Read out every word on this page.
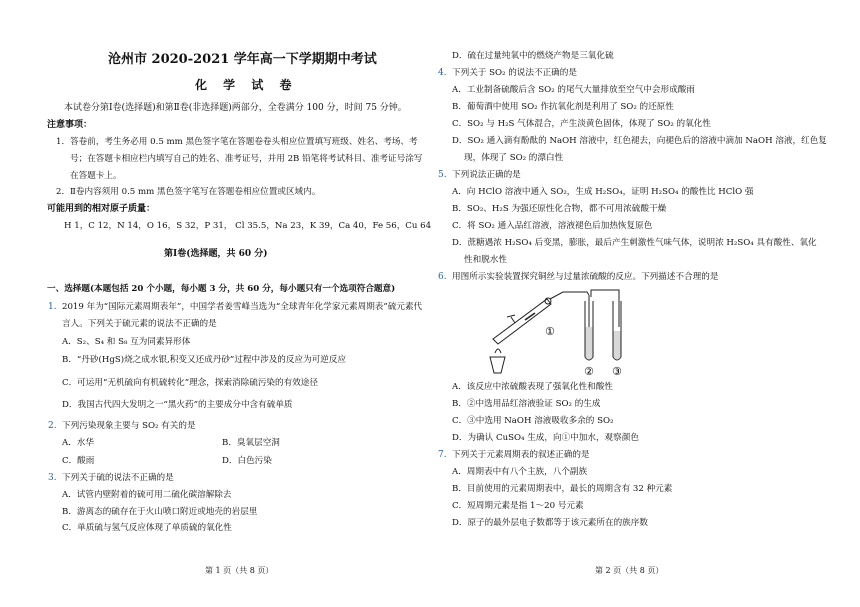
沧州市 2020-2021 学年高一下学期期中考试
化 学 试 卷
本试卷分第Ⅰ卷(选择题)和第Ⅱ卷(非选择题)两部分，全卷满分 100 分，时间 75 分钟。
注意事项：
1．答卷前，考生务必用 0.5 mm 黑色签字笔在答题卷卷头相应位置填写班级、姓名、考场、考
号；在答题卡相应栏内填写自己的姓名、准考证号，并用 2B 铅笔将考试科目、准考证号涂写
在答题卡上。
2．Ⅱ卷内容须用 0.5 mm 黑色签字笔写在答题卷相应位置或区域内。
可能用到的相对原子质量：
H 1，C 12，N 14，O 16，S 32，P 31， Cl 35.5，Na 23，K 39，Ca 40，Fe 56，Cu 64
第Ⅰ卷(选择题，共 60 分)
一、选择题(本题包括 20 个小题，每小题 3 分，共 60 分，每小题只有一个选项符合题意)
1. 2019 年为“国际元素周期表年”，中国学者姜雪峰当选为“全球青年化学家元素周期表”硫元素代
言人。下列关于硫元素的说法不正确的是
A．S₂、S₄ 和 S₈ 互为同素异形体
B．“丹砂(HgS)烧之成水银,积变又还成丹砂”过程中涉及的反应为可逆反应
C．可运用“无机硫向有机硫转化”理念，探索消除硫污染的有效途径
D．我国古代四大发明之一“黑火药”的主要成分中含有硫单质
2. 下列污染现象主要与 SO₂ 有关的是
A．水华	B．臭氧层空洞
C．酸雨	D．白色污染
3. 下列关于硫的说法不正确的是
A．试管内壁附着的硫可用二硫化碳溶解除去
B．游离态的硫存在于火山喷口附近或地壳的岩层里
C．单质硫与氢气反应体现了单质硫的氧化性
第 1 页（共 8 页）
D．硫在过量纯氧中的燃烧产物是三氧化硫
4. 下列关于 SO₂ 的说法不正确的是
A．工业制备硫酸后含 SO₂ 的尾气大量排放至空气中会形成酸雨
B．葡萄酒中使用 SO₂ 作抗氧化剂是利用了 SO₂ 的还原性
C．SO₂ 与 H₂S 气体混合，产生淡黄色固体，体现了 SO₂ 的氧化性
D．SO₂ 通入滴有酚酞的 NaOH 溶液中，红色褪去，向褪色后的溶液中滴加 NaOH 溶液，红色复
现，体现了 SO₂ 的漂白性
5. 下列说法正确的是
A．向 HClO 溶液中通入 SO₂，生成 H₂SO₄，证明 H₂SO₄ 的酸性比 HClO 强
B．SO₂、H₂S 为强还原性化合物，都不可用浓硫酸干燥
C．将 SO₂ 通入品红溶液，溶液褪色后加热恢复原色
D．蔗糖遇浓 H₂SO₄ 后变黑，膨胀，最后产生刺激性气味气体，说明浓 H₂SO₄ 具有酸性、氧化
性和脱水性
6. 用图所示实验装置探究铜丝与过量浓硫酸的反应。下列描述不合理的是
①
② ③
A．该反应中浓硫酸表现了强氧化性和酸性
B．②中选用品红溶液验证 SO₂ 的生成
C．③中选用 NaOH 溶液吸收多余的 SO₂
D．为确认 CuSO₄ 生成，向①中加水，观察颜色
7. 下列关于元素周期表的叙述正确的是
A．周期表中有八个主族，八个副族
B．目前使用的元素周期表中，最长的周期含有 32 种元素
C．短周期元素是指 1～20 号元素
D．原子的最外层电子数都等于该元素所在的族序数
第 2 页（共 8 页）
